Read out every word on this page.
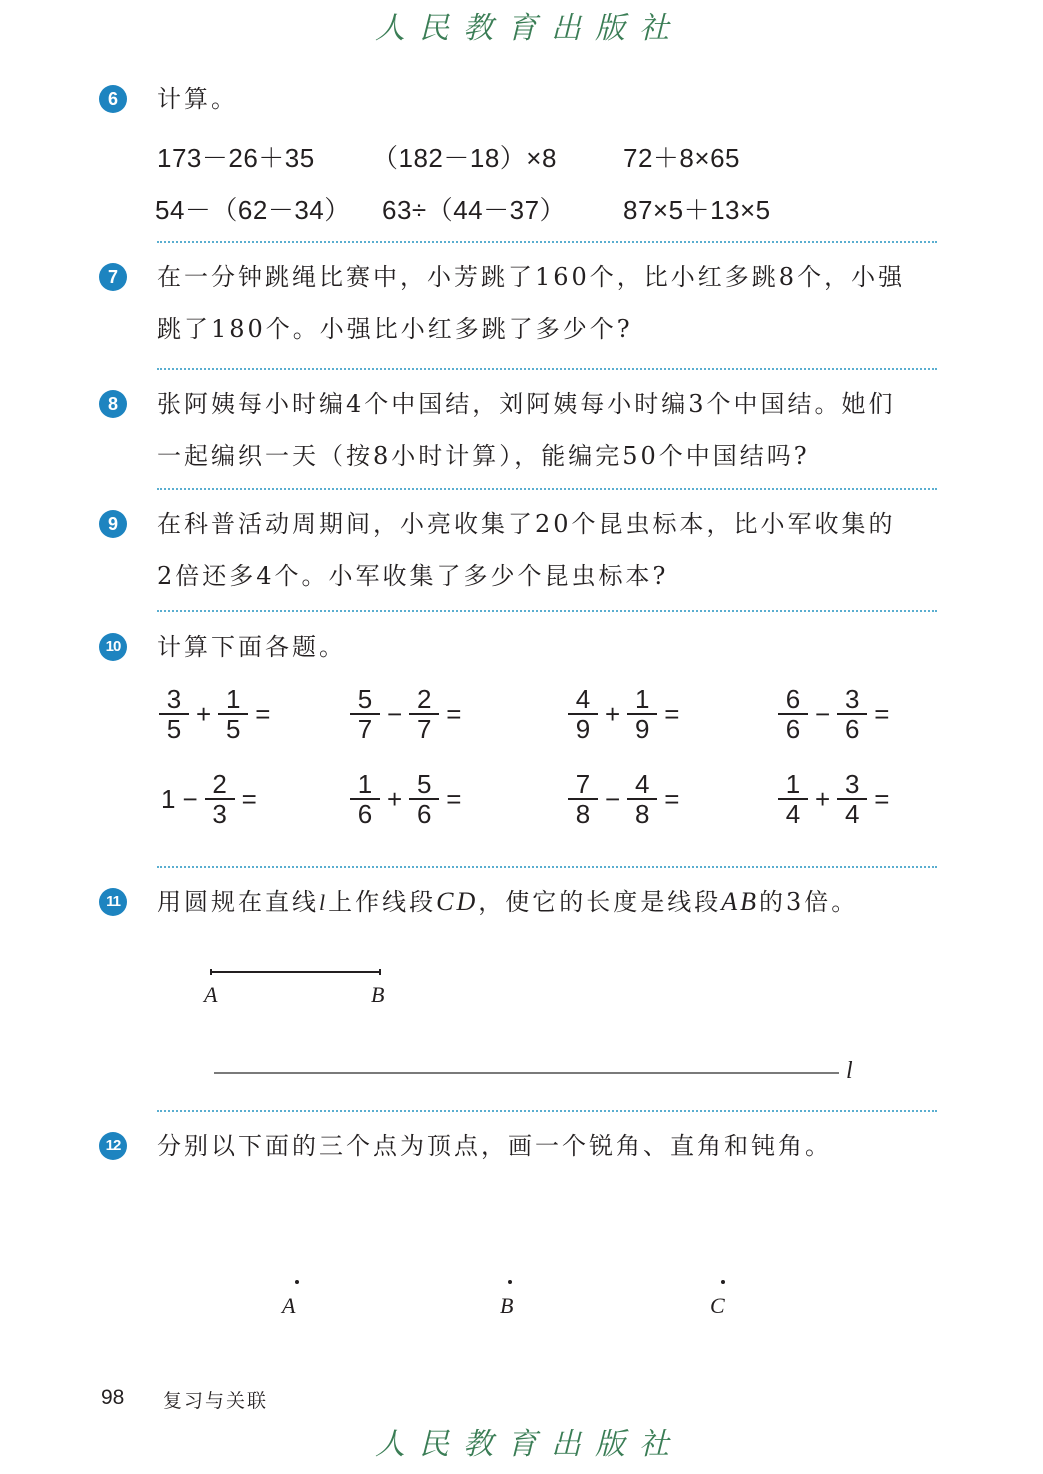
人民教育出版社
6	计算。
173－26＋35 （182－18）×8	72＋8×65
54－（62－34） 63÷（44－37） 87×5＋13×5
7	在一分钟跳绳比赛中，小芳跳了160个，比小红多跳8个，小强
跳了180个。小强比小红多跳了多少个?
8	张阿姨每小时编4个中国结，刘阿姨每小时编3个中国结。她们
一起编织一天（按8小时计算），能编完50个中国结吗?
9	在科普活动周期间，小亮收集了20个昆虫标本，比小军收集的
2倍还多4个。小军收集了多少个昆虫标本?
10 计算下面各题。
$\frac{3}{5} + \frac{1}{5}$ =	$\frac{5}{7} - \frac{2}{7}$ =	$\frac{4}{9} + \frac{1}{9}$ =	$\frac{6}{6} - \frac{3}{6}$ =
$1 - \frac{2}{3}$ =	$\frac{1}{6} + \frac{5}{6}$ =	$\frac{7}{8} - \frac{4}{8}$ =	$\frac{1}{4} + \frac{3}{4}$ =
11 用圆规在直线l上作线段CD，使它的长度是线段AB的3倍。
A	B
l
12 分别以下面的三个点为顶点，画一个锐角、直角和钝角。
A	B	C
98 复习与关联
人民教育出版社
